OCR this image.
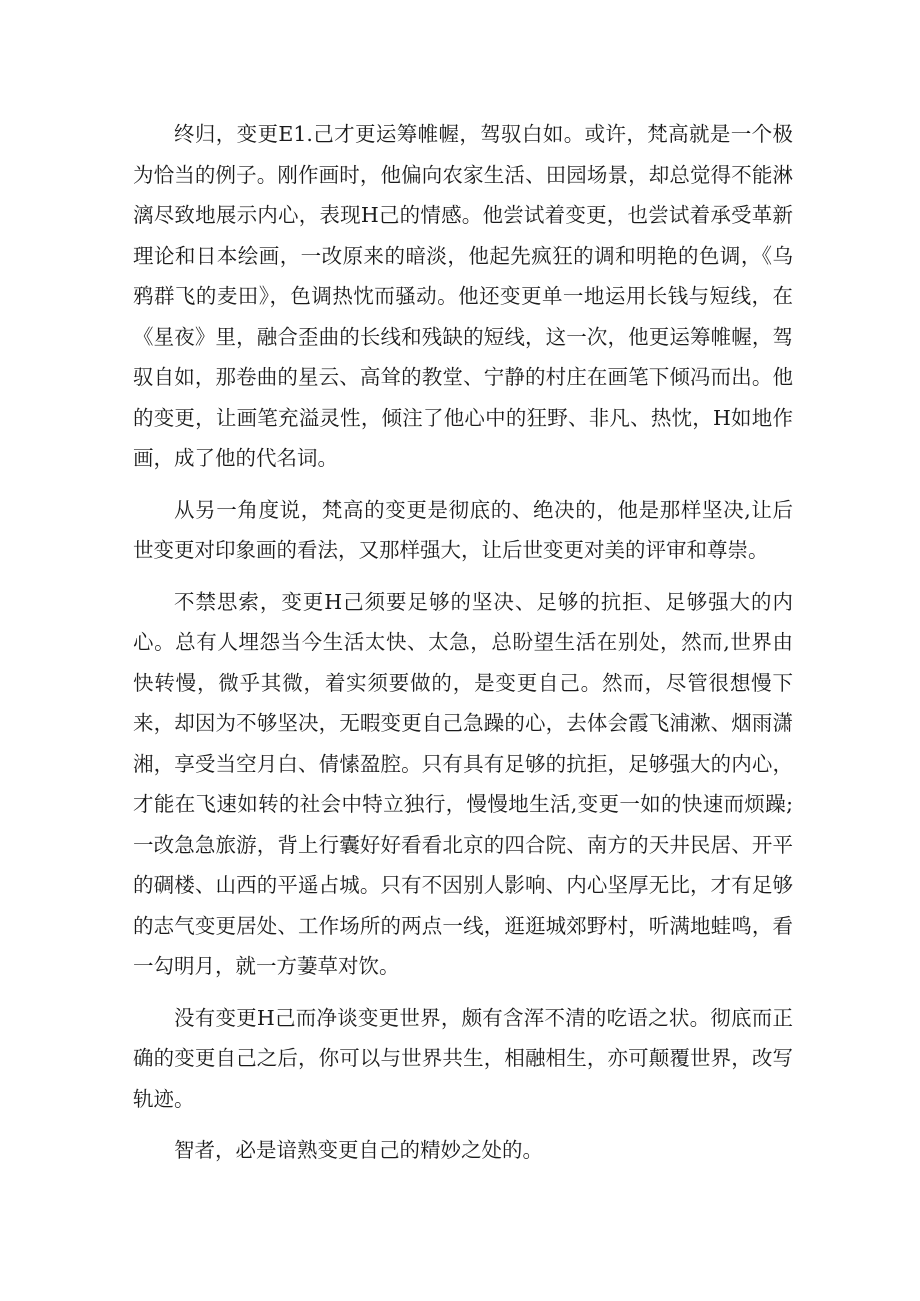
终归，变更E1.己才更运筹帷幄，驾驭白如。或许，梵高就是一个极为恰当的例子。刚作画时，他偏向农家生活、田园场景，却总觉得不能淋漓尽致地展示内心，表现H己的情感。他尝试着变更，也尝试着承受革新理论和日本绘画，一改原来的暗淡，他起先疯狂的调和明艳的色调，《乌鸦群飞的麦田》，色调热忱而骚动。他还变更单一地运用长钱与短线，在《星夜》里，融合歪曲的长线和残缺的短线，这一次，他更运筹帷幄，驾驭自如，那卷曲的星云、高耸的教堂、宁静的村庄在画笔下倾冯而出。他的变更，让画笔充溢灵性，倾注了他心中的狂野、非凡、热忱，H如地作画，成了他的代名词。

从另一角度说，梵高的变更是彻底的、绝决的，他是那样坚决,让后世变更对印象画的看法，又那样强大，让后世变更对美的评审和尊崇。

不禁思索，变更H己须要足够的坚决、足够的抗拒、足够强大的内心。总有人埋怨当今生活太快、太急，总盼望生活在别处，然而,世界由快转慢，微乎其微，着实须要做的，是变更自己。然而，尽管很想慢下来，却因为不够坚决，无暇变更自己急躁的心，去体会霞飞浦漱、烟雨潇湘，享受当空月白、倩愫盈腔。只有具有足够的抗拒，足够强大的内心，才能在飞速如转的社会中特立独行，慢慢地生活,变更一如的快速而烦躁;一改急急旅游，背上行囊好好看看北京的四合院、南方的天井民居、开平的碉楼、山西的平遥占城。只有不因别人影响、内心坚厚无比，才有足够的志气变更居处、工作场所的两点一线，逛逛城郊野村，听满地蛙鸣，看一勾明月，就一方萋草对饮。

没有变更H己而净谈变更世界，颇有含浑不清的吃语之状。彻底而正确的变更自己之后，你可以与世界共生，相融相生，亦可颠覆世界，改写轨迹。

智者，必是谙熟变更自己的精妙之处的。
